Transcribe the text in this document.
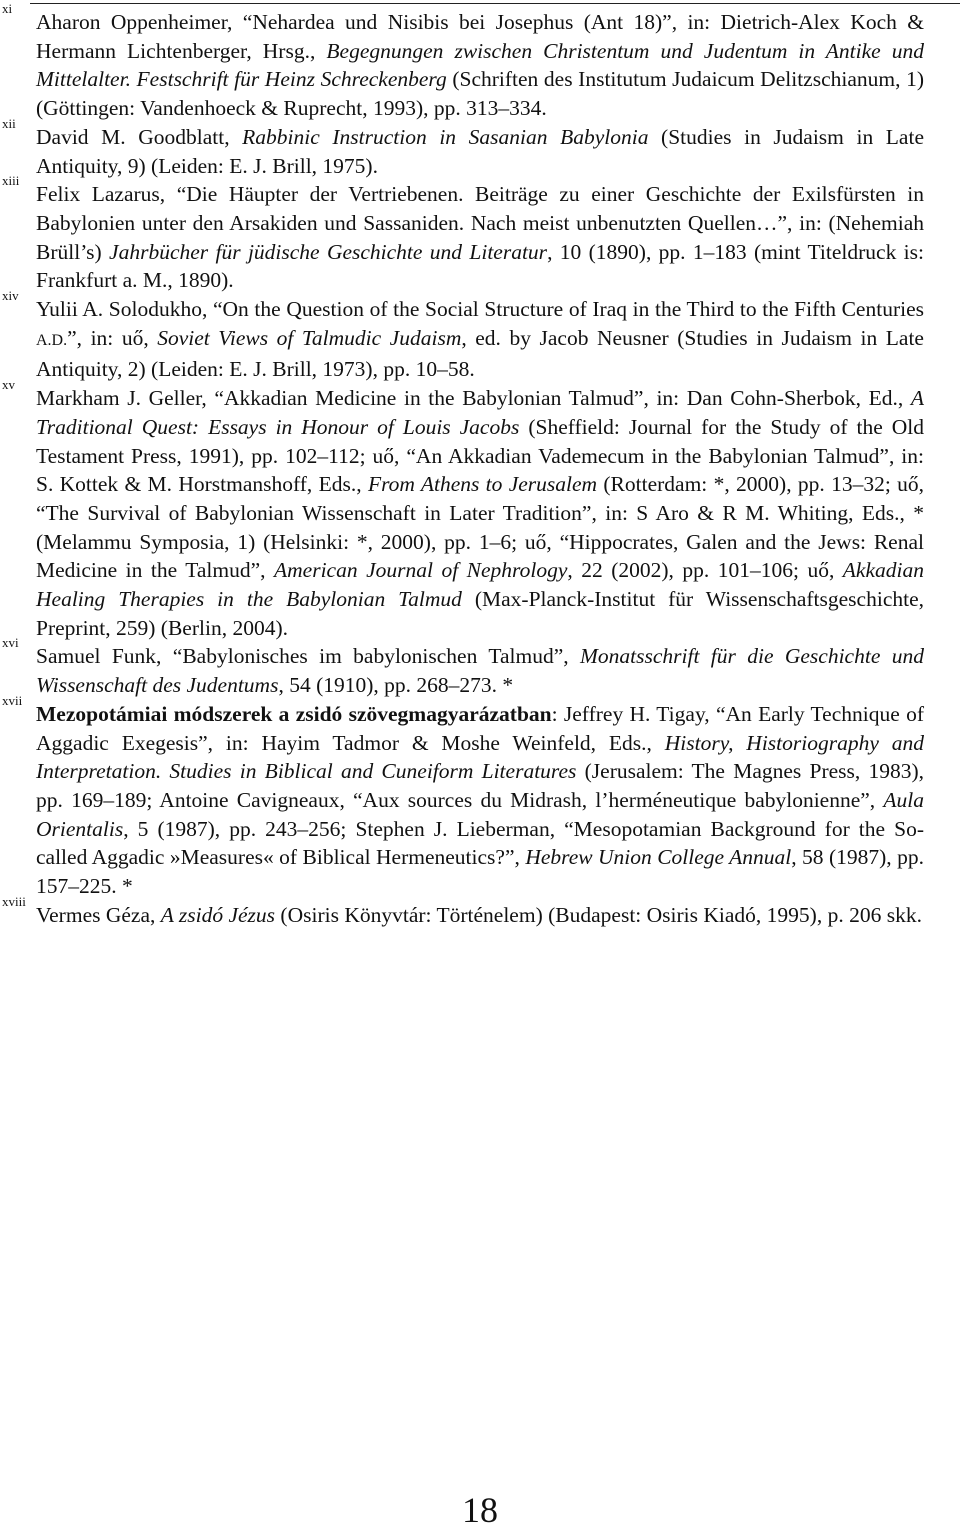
xi
Aharon Oppenheimer, “Nehardea und Nisibis bei Josephus (Ant 18)”, in: Dietrich-Alex Koch & Hermann Lichtenberger, Hrsg., Begegnungen zwischen Christentum und Judentum in Antike und Mittelalter. Festschrift für Heinz Schreckenberg (Schriften des Institutum Judaicum Delitzschianum, 1) (Göttingen: Vandenhoeck & Ruprecht, 1993), pp. 313–334.
xii
David M. Goodblatt, Rabbinic Instruction in Sasanian Babylonia (Studies in Judaism in Late Antiquity, 9) (Leiden: E. J. Brill, 1975).
xiii
Felix Lazarus, “Die Häupter der Vertriebenen. Beiträge zu einer Geschichte der Exilsfürsten in Babylonien unter den Arsakiden und Sassaniden. Nach meist unbenutzten Quellen…”, in: (Nehemiah Brüll’s) Jahrbücher für jüdische Geschichte und Literatur, 10 (1890), pp. 1–183 (mint Titeldruck is: Frankfurt a. M., 1890).
xiv
Yulii A. Solodukho, “On the Question of the Social Structure of Iraq in the Third to the Fifth Centuries A.D.”, in: uő, Soviet Views of Talmudic Judaism, ed. by Jacob Neusner (Studies in Judaism in Late Antiquity, 2) (Leiden: E. J. Brill, 1973), pp. 10–58.
xv
Markham J. Geller, “Akkadian Medicine in the Babylonian Talmud”, in: Dan Cohn-Sherbok, Ed., A Traditional Quest: Essays in Honour of Louis Jacobs (Sheffield: Journal for the Study of the Old Testament Press, 1991), pp. 102–112; uő, “An Akkadian Vademecum in the Babylonian Talmud”, in: S. Kottek & M. Horstmanshoff, Eds., From Athens to Jerusalem (Rotterdam: *, 2000), pp. 13–32; uő, “The Survival of Babylonian Wissenschaft in Later Tradition”, in: S Aro & R M. Whiting, Eds., * (Melammu Symposia, 1) (Helsinki: *, 2000), pp. 1–6; uő, “Hippocrates, Galen and the Jews: Renal Medicine in the Talmud”, American Journal of Nephrology, 22 (2002), pp. 101–106; uő, Akkadian Healing Therapies in the Babylonian Talmud (Max-Planck-Institut für Wissenschaftsgeschichte, Preprint, 259) (Berlin, 2004).
xvi
Samuel Funk, “Babylonisches im babylonischen Talmud”, Monatsschrift für die Geschichte und Wissenschaft des Judentums, 54 (1910), pp. 268–273. *
xvii
Mezopotámiai módszerek a zsidó szövegmagyarázatban: Jeffrey H. Tigay, “An Early Technique of Aggadic Exegesis”, in: Hayim Tadmor & Moshe Weinfeld, Eds., History, Historiography and Interpretation. Studies in Biblical and Cuneiform Literatures (Jerusalem: The Magnes Press, 1983), pp. 169–189; Antoine Cavigneaux, “Aux sources du Midrash, l’herméneutique babylonienne”, Aula Orientalis, 5 (1987), pp. 243–256; Stephen J. Lieberman, “Mesopotamian Background for the So-called Aggadic »Measures« of Biblical Hermeneutics?”, Hebrew Union College Annual, 58 (1987), pp. 157–225. *
xviii
Vermes Géza, A zsidó Jézus (Osiris Könyvtár: Történelem) (Budapest: Osiris Kiadó, 1995), p. 206 skk.
18
